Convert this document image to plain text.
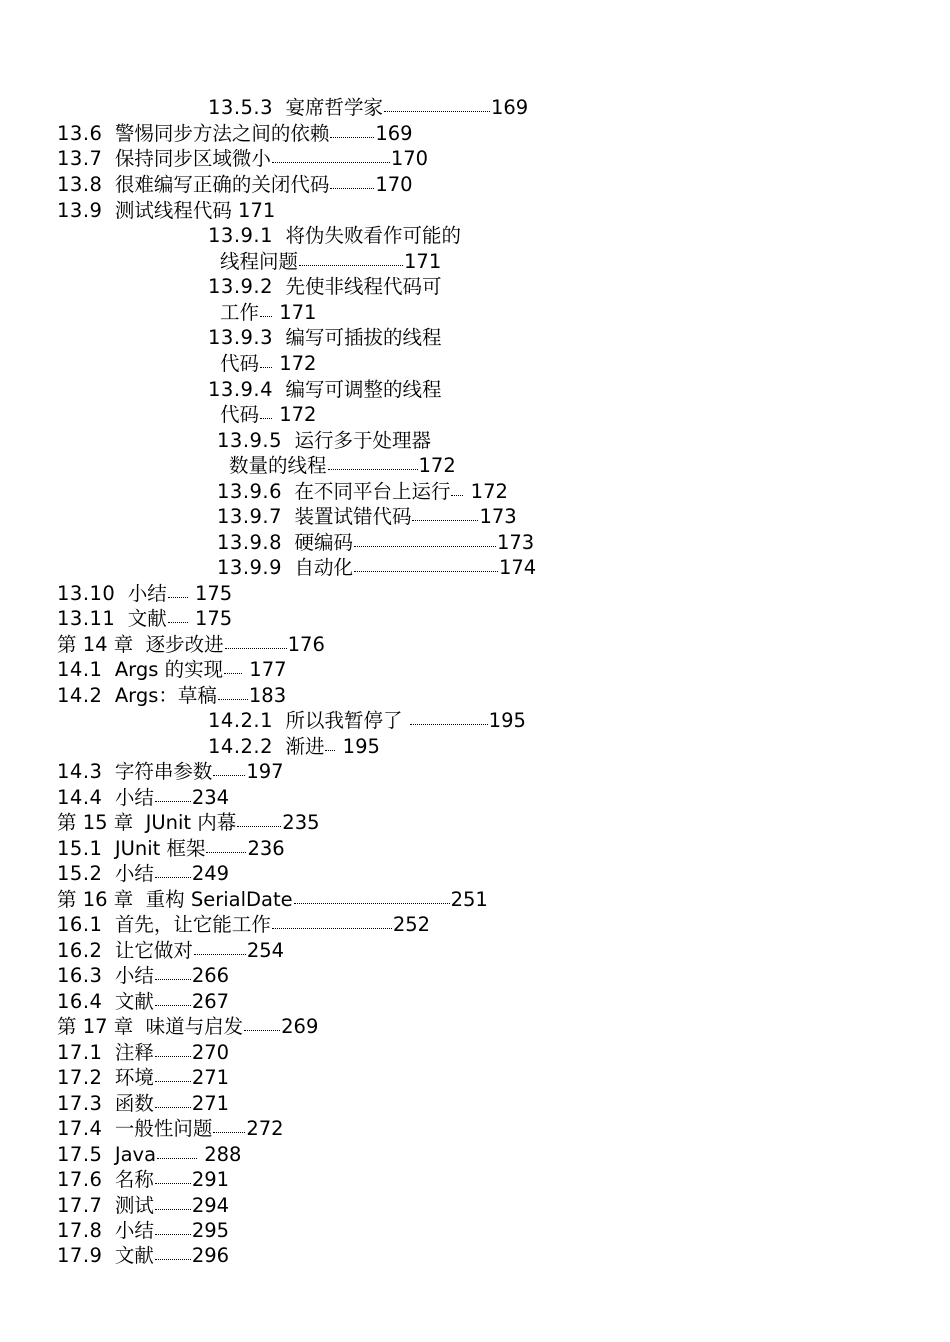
13.5.3 宴席哲学家	169
13.6 警惕同步方法之间的依赖 169
13.7 保持同步区域微小	170
13.8 很难编写正确的关闭代码 170
13.9 测试线程代码 171
13.9.1 将伪失败看作可能的
线程问题	171
13.9.2 先使非线程代码可
工作 171
13.9.3 编写可插拔的线程
代码 172
13.9.4 编写可调整的线程
代码 172
13.9.5 运行多于处理器
数量的线程	172
13.9.6 在不同平台上运行 172
13.9.7 装置试错代码	173
13.9.8 硬编码	173
13.9.9 自动化	174
13.10 小结 175
13.11 文献 175
第 14 章 逐步改进	176
14.1 Args 的实现 177
14.2 Args：草稿 183
14.2.1 所以我暂停了	195
14.2.2 渐进 195
14.3 字符串参数 197
14.4 小结 234
第 15 章 JUnit 内幕 235
15.1 JUnit 框架 236
15.2 小结 249
第 16 章 重构 SerialDate	251
16.1 首先，让它能工作	252
16.2 让它做对	254
16.3 小结 266
16.4 文献 267
第 17 章 味道与启发 269
17.1 注释 270
17.2 环境 271
17.3 函数 271
17.4 一般性问题 272
17.5 Java 288
17.6 名称 291
17.7 测试 294
17.8 小结 295
17.9 文献 296
